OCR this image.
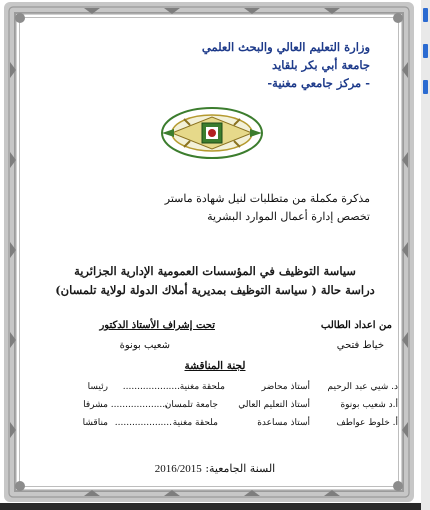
وزارة التعليم العالي والبحث العلمي
جامعة أبي بكر بلقايد
- مركز جامعي مغنية-
مذكرة مكملة من متطلبات لنيل شهادة ماستر
تخصص إدارة أعمال الموارد البشرية
سياسة التوظيف في المؤسسات العمومية الإدارية الجزائرية
دراسة حالة ( سياسة التوظيف بمديرية أملاك الدولة لولاية تلمسان)
من اعداد الطالب
خياط فتحي
تحت إشراف الأستاذ الدكتور
شعيب بونوة
لجنة المناقشة
د. شيي عبد الرحيم
أستاذ محاضر
ملحقة مغنية
....................
رئيسا
أ.د شعيب بونوة
أستاذ التعليم العالي
جامعة تلمسان
....................
مشرفا
أ. خلوط عواطف
أستاذ مساعدة
ملحقة مغنية
....................
مناقشا
السنة الجامعية: 2016/2015
